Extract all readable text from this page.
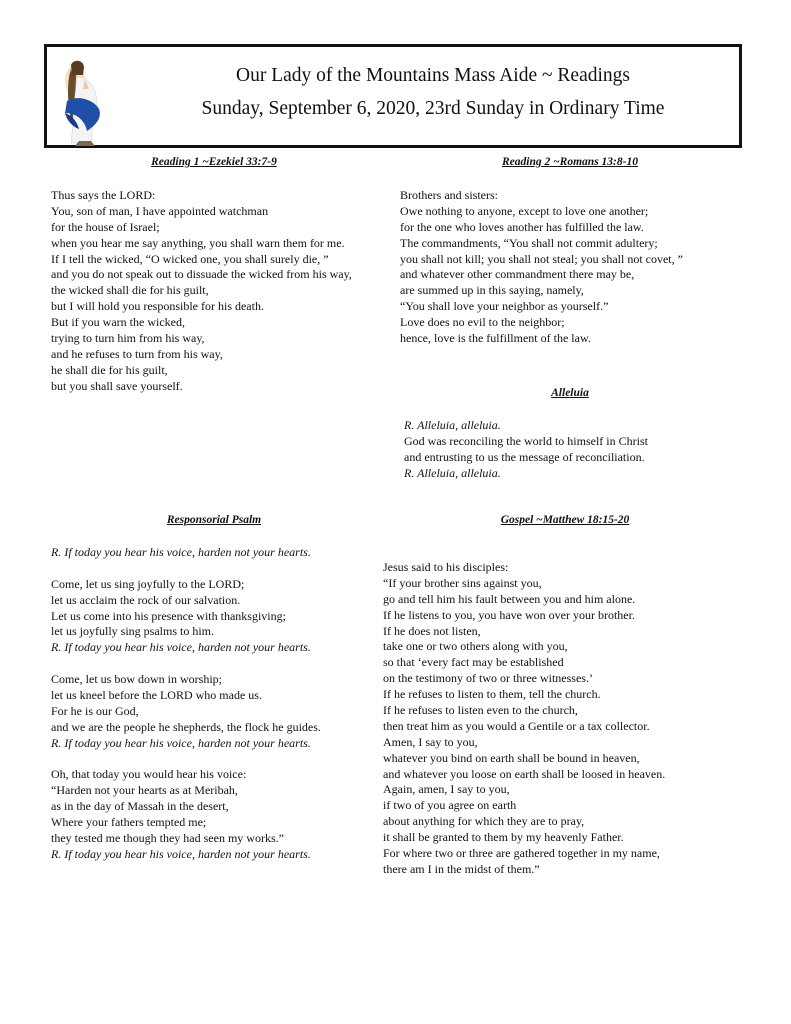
Our Lady of the Mountains Mass Aide ~ Readings
Sunday, September 6, 2020, 23rd Sunday in Ordinary Time
Reading 1 ~Ezekiel 33:7-9
Thus says the LORD:
You, son of man, I have appointed watchman
for the house of Israel;
when you hear me say anything, you shall warn them for me.
If I tell the wicked, “O wicked one, you shall surely die, ”
and you do not speak out to dissuade the wicked from his way,
the wicked shall die for his guilt,
but I will hold you responsible for his death.
But if you warn the wicked,
trying to turn him from his way,
and he refuses to turn from his way,
he shall die for his guilt,
but you shall save yourself.
Reading 2 ~Romans 13:8-10
Brothers and sisters:
Owe nothing to anyone, except to love one another;
for the one who loves another has fulfilled the law.
The commandments, “You shall not commit adultery;
you shall not kill; you shall not steal; you shall not covet, ”
and whatever other commandment there may be,
are summed up in this saying, namely,
“You shall love your neighbor as yourself.”
Love does no evil to the neighbor;
hence, love is the fulfillment of the law.
Alleluia
R. Alleluia, alleluia.
God was reconciling the world to himself in Christ
and entrusting to us the message of reconciliation.
R. Alleluia, alleluia.
Responsorial Psalm
R. If today you hear his voice, harden not your hearts.
Come, let us sing joyfully to the LORD;
let us acclaim the rock of our salvation.
Let us come into his presence with thanksgiving;
let us joyfully sing psalms to him.
R. If today you hear his voice, harden not your hearts.
Come, let us bow down in worship;
let us kneel before the LORD who made us.
For he is our God,
and we are the people he shepherds, the flock he guides.
R. If today you hear his voice, harden not your hearts.
Oh, that today you would hear his voice:
“Harden not your hearts as at Meribah,
as in the day of Massah in the desert,
Where your fathers tempted me;
they tested me though they had seen my works.”
R. If today you hear his voice, harden not your hearts.
Gospel ~Matthew 18:15-20
Jesus said to his disciples:
“If your brother sins against you,
go and tell him his fault between you and him alone.
If he listens to you, you have won over your brother.
If he does not listen,
take one or two others along with you,
so that ‘every fact may be established
on the testimony of two or three witnesses.’
If he refuses to listen to them, tell the church.
If he refuses to listen even to the church,
then treat him as you would a Gentile or a tax collector.
Amen, I say to you,
whatever you bind on earth shall be bound in heaven,
and whatever you loose on earth shall be loosed in heaven.
Again, amen, I say to you,
if two of you agree on earth
about anything for which they are to pray,
it shall be granted to them by my heavenly Father.
For where two or three are gathered together in my name,
there am I in the midst of them.”
